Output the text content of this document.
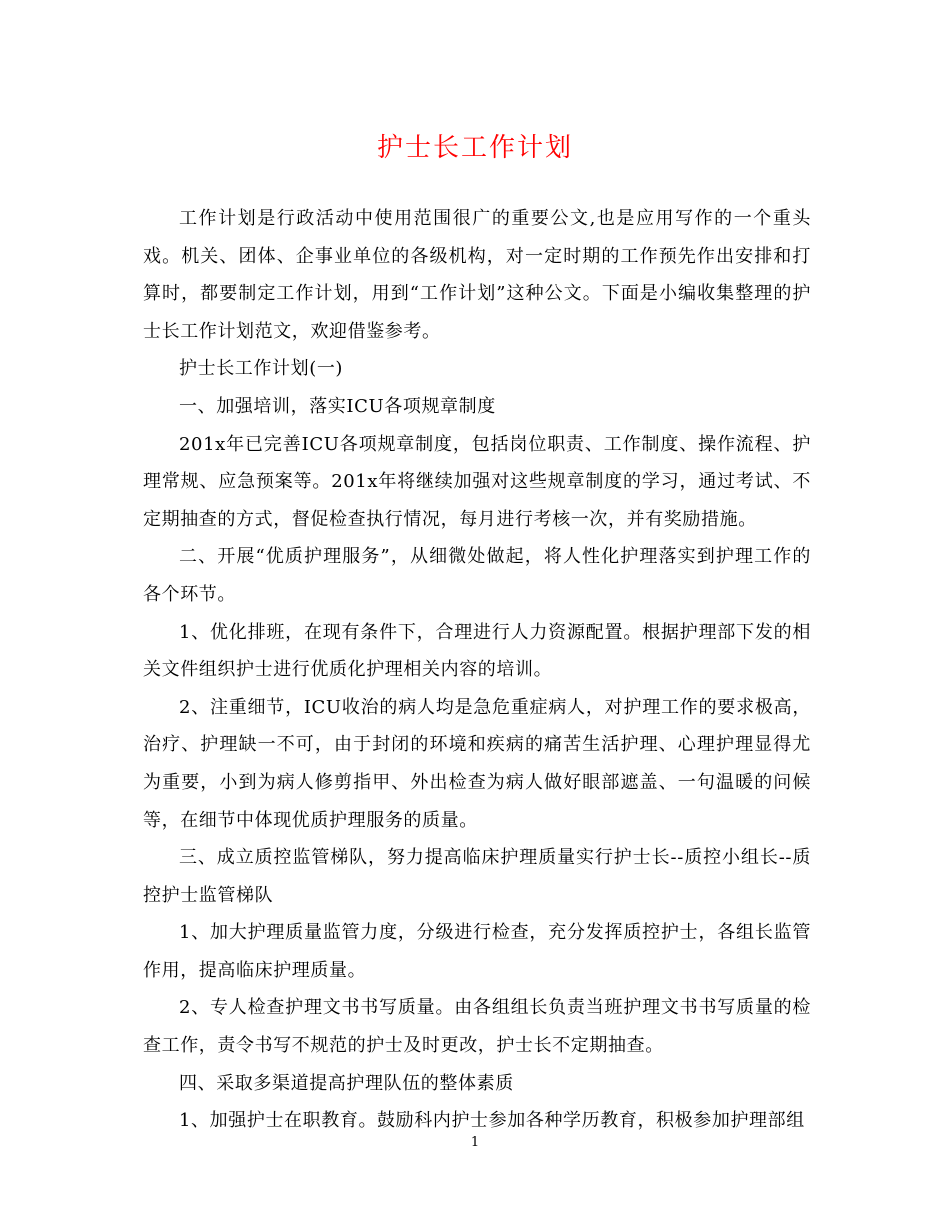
护士长工作计划

工作计划是行政活动中使用范围很广的重要公文,也是应用写作的一个重头戏。机关、团体、企事业单位的各级机构，对一定时期的工作预先作出安排和打算时，都要制定工作计划，用到“工作计划”这种公文。下面是小编收集整理的护士长工作计划范文，欢迎借鉴参考。

护士长工作计划(一)

一、加强培训，落实ICU各项规章制度

201x年已完善ICU各项规章制度，包括岗位职责、工作制度、操作流程、护理常规、应急预案等。201x年将继续加强对这些规章制度的学习，通过考试、不定期抽查的方式，督促检查执行情况，每月进行考核一次，并有奖励措施。

二、开展“优质护理服务”，从细微处做起，将人性化护理落实到护理工作的各个环节。

1、优化排班，在现有条件下，合理进行人力资源配置。根据护理部下发的相关文件组织护士进行优质化护理相关内容的培训。

2、注重细节，ICU收治的病人均是急危重症病人，对护理工作的要求极高，治疗、护理缺一不可，由于封闭的环境和疾病的痛苦生活护理、心理护理显得尤为重要，小到为病人修剪指甲、外出检查为病人做好眼部遮盖、一句温暖的问候等，在细节中体现优质护理服务的质量。

三、成立质控监管梯队，努力提高临床护理质量实行护士长--质控小组长--质控护士监管梯队

1、加大护理质量监管力度，分级进行检查，充分发挥质控护士，各组长监管作用，提高临床护理质量。

2、专人检查护理文书书写质量。由各组组长负责当班护理文书书写质量的检查工作，责令书写不规范的护士及时更改，护士长不定期抽查。

四、采取多渠道提高护理队伍的整体素质

1、加强护士在职教育。鼓励科内护士参加各种学历教育，积极参加护理部组

1
